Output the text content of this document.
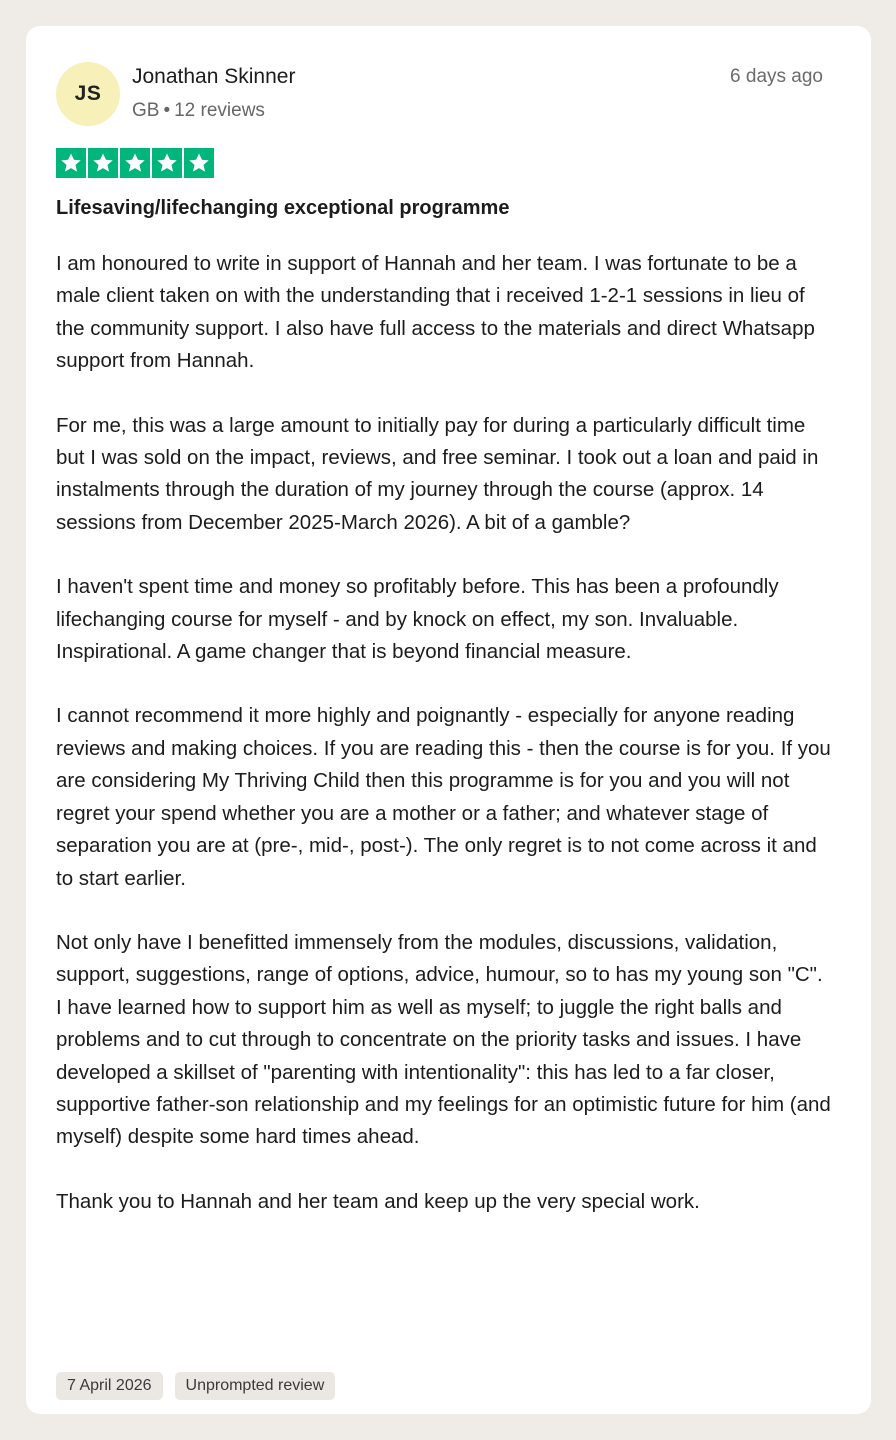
JS
Jonathan Skinner
GB • 12 reviews
6 days ago
Lifesaving/lifechanging exceptional programme

I am honoured to write in support of Hannah and her team. I was fortunate to be a male client taken on with the understanding that i received 1-2-1 sessions in lieu of the community support. I also have full access to the materials and direct Whatsapp support from Hannah.

For me, this was a large amount to initially pay for during a particularly difficult time but I was sold on the impact, reviews, and free seminar. I took out a loan and paid in instalments through the duration of my journey through the course (approx. 14 sessions from December 2025-March 2026). A bit of a gamble?

I haven't spent time and money so profitably before. This has been a profoundly lifechanging course for myself - and by knock on effect, my son. Invaluable. Inspirational. A game changer that is beyond financial measure.

I cannot recommend it more highly and poignantly - especially for anyone reading reviews and making choices. If you are reading this - then the course is for you. If you are considering My Thriving Child then this programme is for you and you will not regret your spend whether you are a mother or a father; and whatever stage of separation you are at (pre-, mid-, post-). The only regret is to not come across it and to start earlier.

Not only have I benefitted immensely from the modules, discussions, validation, support, suggestions, range of options, advice, humour, so to has my young son "C". I have learned how to support him as well as myself; to juggle the right balls and problems and to cut through to concentrate on the priority tasks and issues. I have developed a skillset of "parenting with intentionality": this has led to a far closer, supportive father-son relationship and my feelings for an optimistic future for him (and myself) despite some hard times ahead.

Thank you to Hannah and her team and keep up the very special work.

7 April 2026	Unprompted review
